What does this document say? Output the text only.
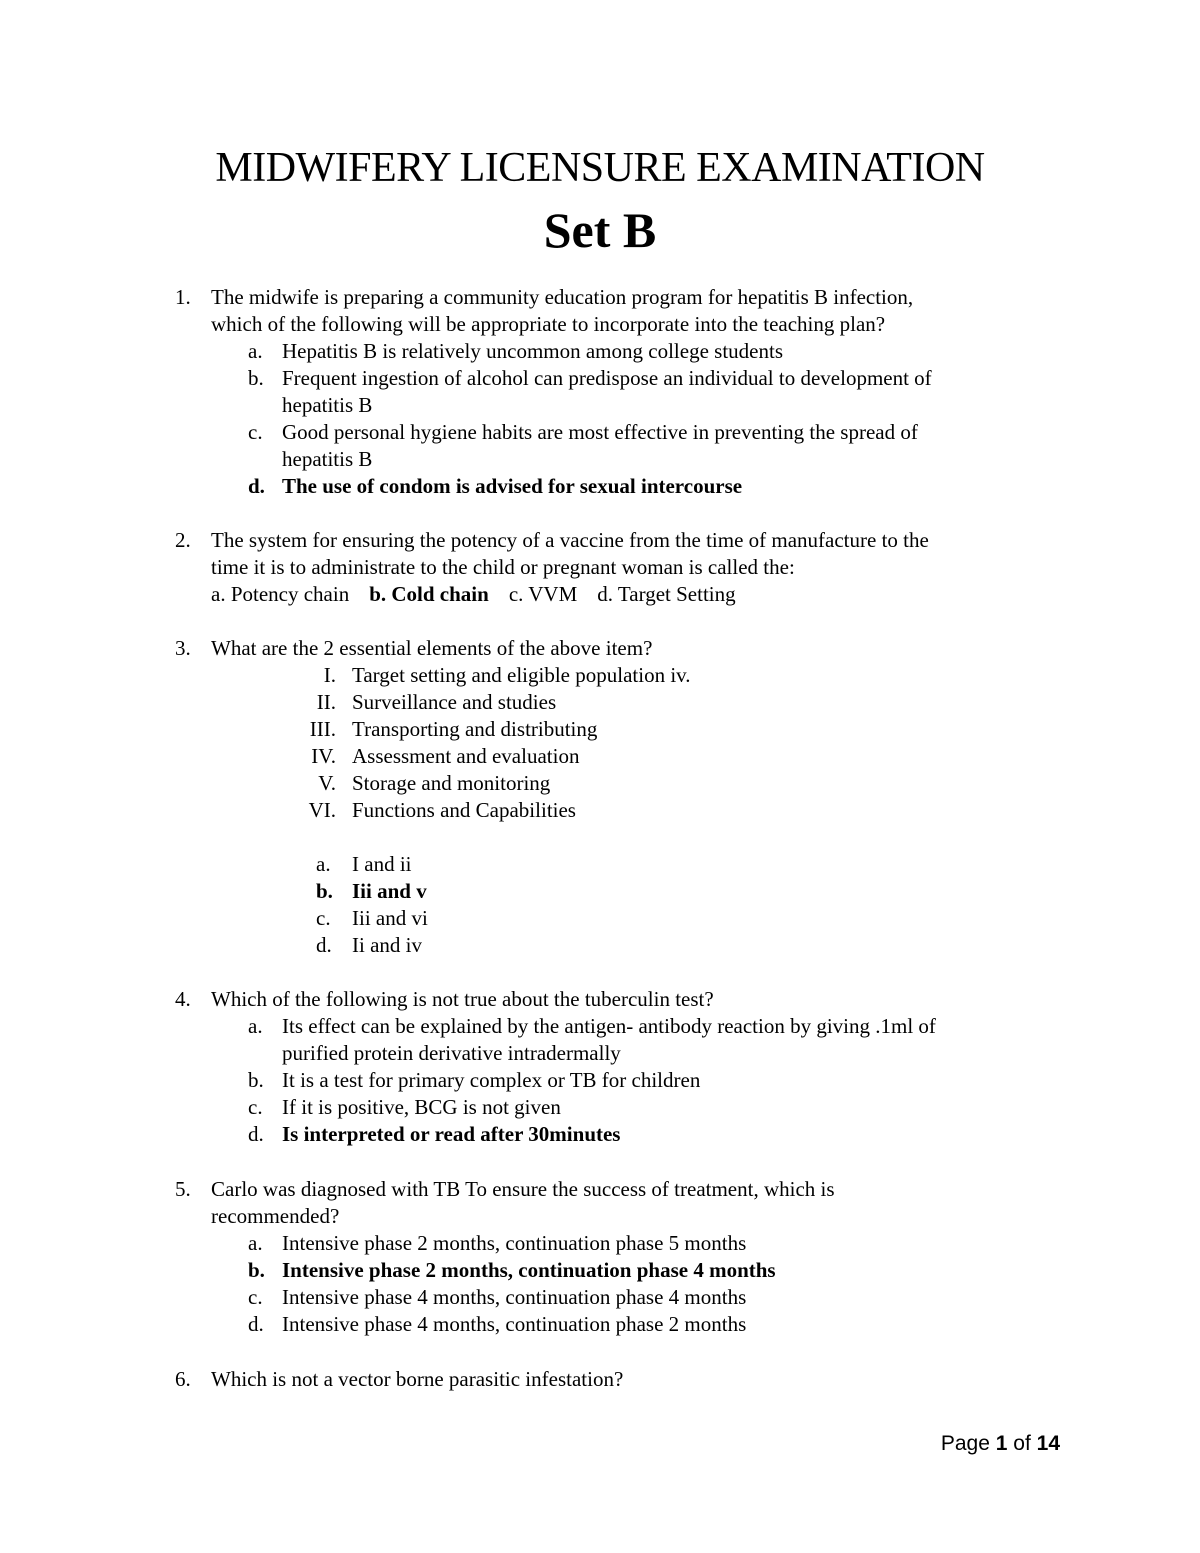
MIDWIFERY LICENSURE EXAMINATION
Set B
1. The midwife is preparing a community education program for hepatitis B infection,
which of the following will be appropriate to incorporate into the teaching plan?
a. Hepatitis B is relatively uncommon among college students
b. Frequent ingestion of alcohol can predispose an individual to development of
hepatitis B
c. Good personal hygiene habits are most effective in preventing the spread of
hepatitis B
d. The use of condom is advised for sexual intercourse
2. The system for ensuring the potency of a vaccine from the time of manufacture to the
time it is to administrate to the child or pregnant woman is called the:
a. Potency chain b. Cold chain c. VVM d. Target Setting
3. What are the 2 essential elements of the above item?
I. Target setting and eligible population iv.
II. Surveillance and studies
III. Transporting and distributing
IV. Assessment and evaluation
V. Storage and monitoring
VI. Functions and Capabilities
a. I and ii
b. Iii and v
c. Iii and vi
d. Ii and iv
4. Which of the following is not true about the tuberculin test?
a. Its effect can be explained by the antigen- antibody reaction by giving .1ml of
purified protein derivative intradermally
b. It is a test for primary complex or TB for children
c. If it is positive, BCG is not given
d. Is interpreted or read after 30minutes
5. Carlo was diagnosed with TB To ensure the success of treatment, which is
recommended?
a. Intensive phase 2 months, continuation phase 5 months
b. Intensive phase 2 months, continuation phase 4 months
c. Intensive phase 4 months, continuation phase 4 months
d. Intensive phase 4 months, continuation phase 2 months
6. Which is not a vector borne parasitic infestation?
Page 1 of 14
